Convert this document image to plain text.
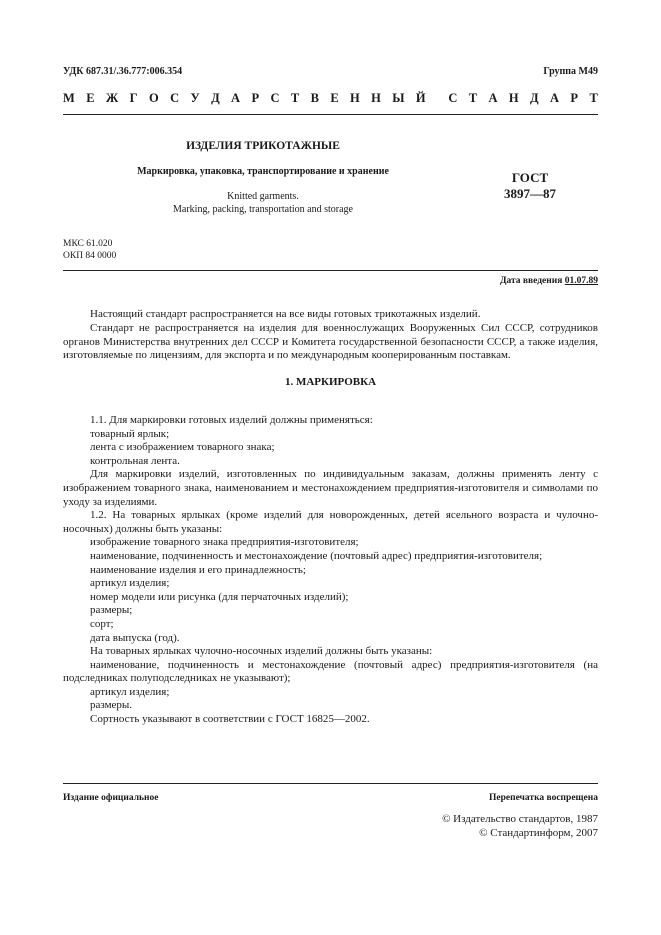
УДК 687.31/.36.777:006.354	Группа М49
М Е Ж Г О С У Д А Р С Т В Е Н Н Ы Й С Т А Н Д А Р Т
ИЗДЕЛИЯ ТРИКОТАЖНЫЕ
Маркировка, упаковка, транспортирование и хранение
Knitted garments.
Marking, packing, transportation and storage
ГОСТ
3897—87
МКС 61.020
ОКП 84 0000
Дата введения 01.07.89
Настоящий стандарт распространяется на все виды готовых трикотажных изделий.
Стандарт не распространяется на изделия для военнослужащих Вооруженных Сил СССР, сотрудников органов Министерства внутренних дел СССР и Комитета государственной безопасности СССР, а также изделия, изготовляемые по лицензиям, для экспорта и по международным кооперированным поставкам.
1. МАРКИРОВКА
1.1. Для маркировки готовых изделий должны применяться:
товарный ярлык;
лента с изображением товарного знака;
контрольная лента.
Для маркировки изделий, изготовленных по индивидуальным заказам, должны применять ленту с изображением товарного знака, наименованием и местонахождением предприятия-изготовителя и символами по уходу за изделиями.
1.2. На товарных ярлыках (кроме изделий для новорожденных, детей ясельного возраста и чулочно-носочных) должны быть указаны:
изображение товарного знака предприятия-изготовителя;
наименование, подчиненность и местонахождение (почтовый адрес) предприятия-изготовителя;
наименование изделия и его принадлежность;
артикул изделия;
номер модели или рисунка (для перчаточных изделий);
размеры;
сорт;
дата выпуска (год).
На товарных ярлыках чулочно-носочных изделий должны быть указаны:
наименование, подчиненность и местонахождение (почтовый адрес) предприятия-изготовителя (на подследниках полуподследниках не указывают);
артикул изделия;
размеры.
Сортность указывают в соответствии с ГОСТ 16825—2002.
Издание официальное	Перепечатка воспрещена
© Издательство стандартов, 1987
© Стандартинформ, 2007
